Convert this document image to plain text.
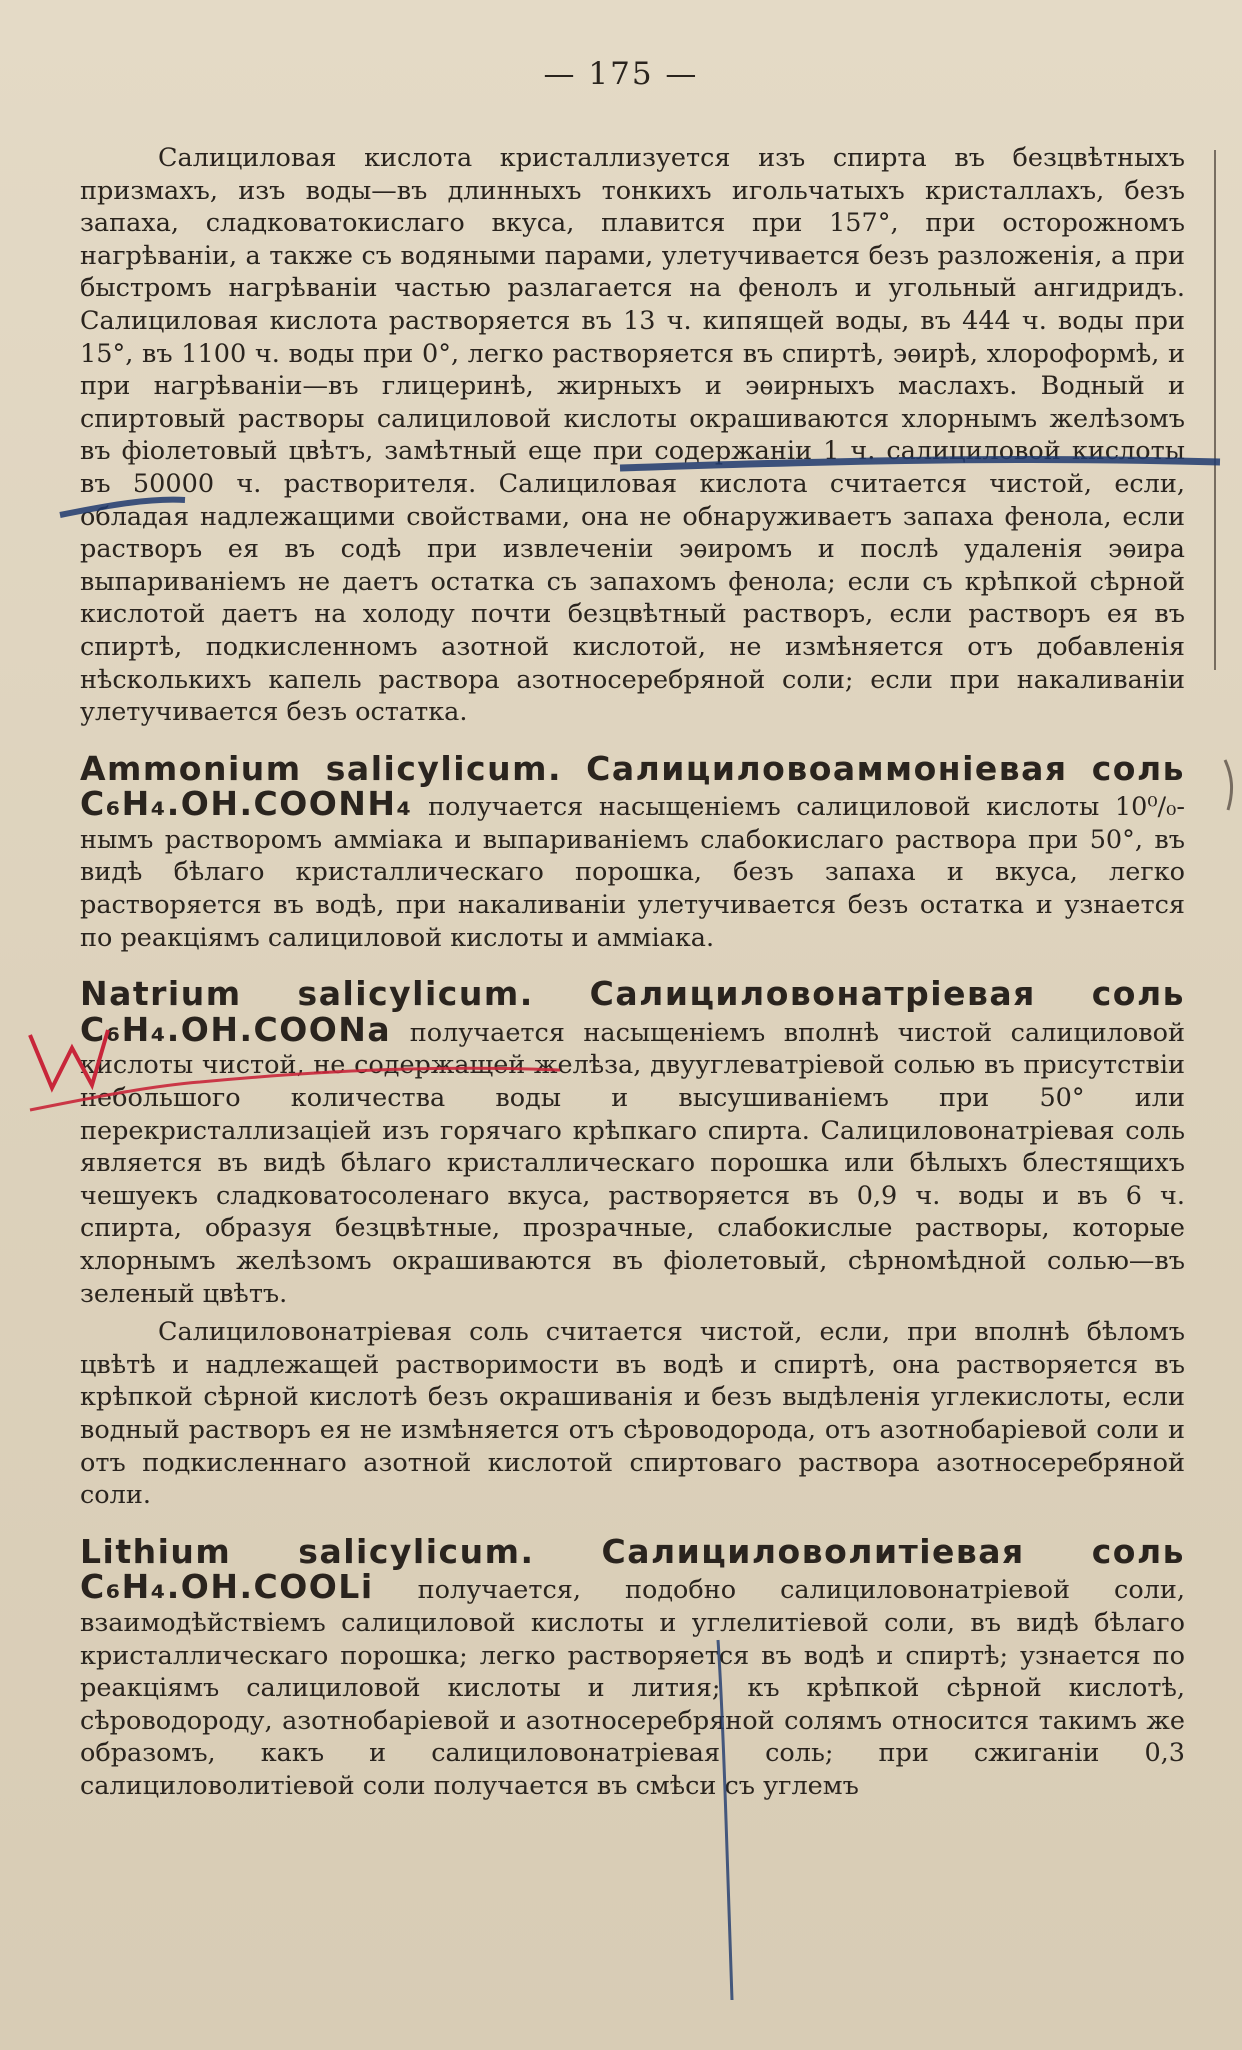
— 175 —

Салициловая кислота кристаллизуется изъ спирта въ безцвѣтныхъ призмахъ, изъ воды—въ длинныхъ тонкихъ игольчатыхъ кристаллахъ, безъ запаха, сладковатокислаго вкуса, плавится при 157°, при осторожномъ нагрѣванiи, а также съ водяными парами, улетучивается безъ разложенiя, а при быстромъ нагрѣванiи частью разлагается на фенолъ и угольный ангидридъ. Салициловая кислота растворяется въ 13 ч. кипящей воды, въ 444 ч. воды при 15°, въ 1100 ч. воды при 0°, легко растворяется въ спиртѣ, эѳирѣ, хлороформѣ, и при нагрѣванiи—въ глицеринѣ, жирныхъ и эѳирныхъ маслахъ. Водный и спиртовый растворы салициловой кислоты окрашиваются хлорнымъ желѣзомъ въ фiолетовый цвѣтъ, замѣтный еще при содержанiи 1 ч. салициловой кислоты въ 50000 ч. растворителя. Салициловая кислота считается чистой, если, обладая надлежащими свойствами, она не обнаруживаетъ запаха фенола, если растворъ ея въ содѣ при извлеченiи эѳиромъ и послѣ удаленiя эѳира выпариванiемъ не даетъ остатка съ запахомъ фенола; если съ крѣпкой сѣрной кислотой даетъ на холоду почти безцвѣтный растворъ, если растворъ ея въ спиртѣ, подкисленномъ азотной кислотой, не измѣняется отъ добавленiя нѣсколькихъ капель раствора азотносеребряной соли; если при накаливанiи улетучивается безъ остатка.

Ammonium salicylicum. Салициловоаммонiевая соль C₆H₄.OH.COONH₄ получается насыщенiемъ салициловой кислоты 10⁰/₀-нымъ растворомъ амміака и выпариванiемъ слабокислаго раствора при 50°, въ видѣ бѣлаго кристаллическаго порошка, безъ запаха и вкуса, легко растворяется въ водѣ, при накаливанiи улетучивается безъ остатка и узнается по реакцiямъ салициловой кислоты и амміака.

Natrium salicylicum. Салициловонатрiевая соль C₆H₄.OH.COONa получается насыщенiемъ вполнѣ чистой салициловой кислоты чистой, не содержащей желѣза, двууглеватрiевой солью въ присутствiи небольшого количества воды и высушиванiемъ при 50° или перекристаллизацiей изъ горячаго крѣпкаго спирта. Салициловонатрiевая соль является въ видѣ бѣлаго кристаллическаго порошка или бѣлыхъ блестящихъ чешуекъ сладковатосоленаго вкуса, растворяется въ 0,9 ч. воды и въ 6 ч. спирта, образуя безцвѣтные, прозрачные, слабокислые растворы, которые хлорнымъ желѣзомъ окрашиваются въ фiолетовый, сѣрномѣдной солью—въ зеленый цвѣтъ.

Салициловонатрiевая соль считается чистой, если, при вполнѣ бѣломъ цвѣтѣ и надлежащей растворимости въ водѣ и спиртѣ, она растворяется въ крѣпкой сѣрной кислотѣ безъ окрашиванiя и безъ выдѣленiя углекислоты, если водный растворъ ея не измѣняется отъ сѣроводорода, отъ азотнобарiевой соли и отъ подкисленнаго азотной кислотой спиртоваго раствора азотносеребряной соли.

Lithium salicylicum. Салициловолитiевая соль C₆H₄.OH.COOLi получается, подобно салициловонатрiевой соли, взаимодѣйствiемъ салициловой кислоты и углелитiевой соли, въ видѣ бѣлаго кристаллическаго порошка; легко растворяется въ водѣ и спиртѣ; узнается по реакцiямъ салициловой кислоты и лития; къ крѣпкой сѣрной кислотѣ, сѣроводороду, азотнобарiевой и азотносеребряной солямъ относится такимъ же образомъ, какъ и салициловонатрiевая соль; при сжиганiи 0,3 салициловолитiевой соли получается въ смѣси съ углемъ
